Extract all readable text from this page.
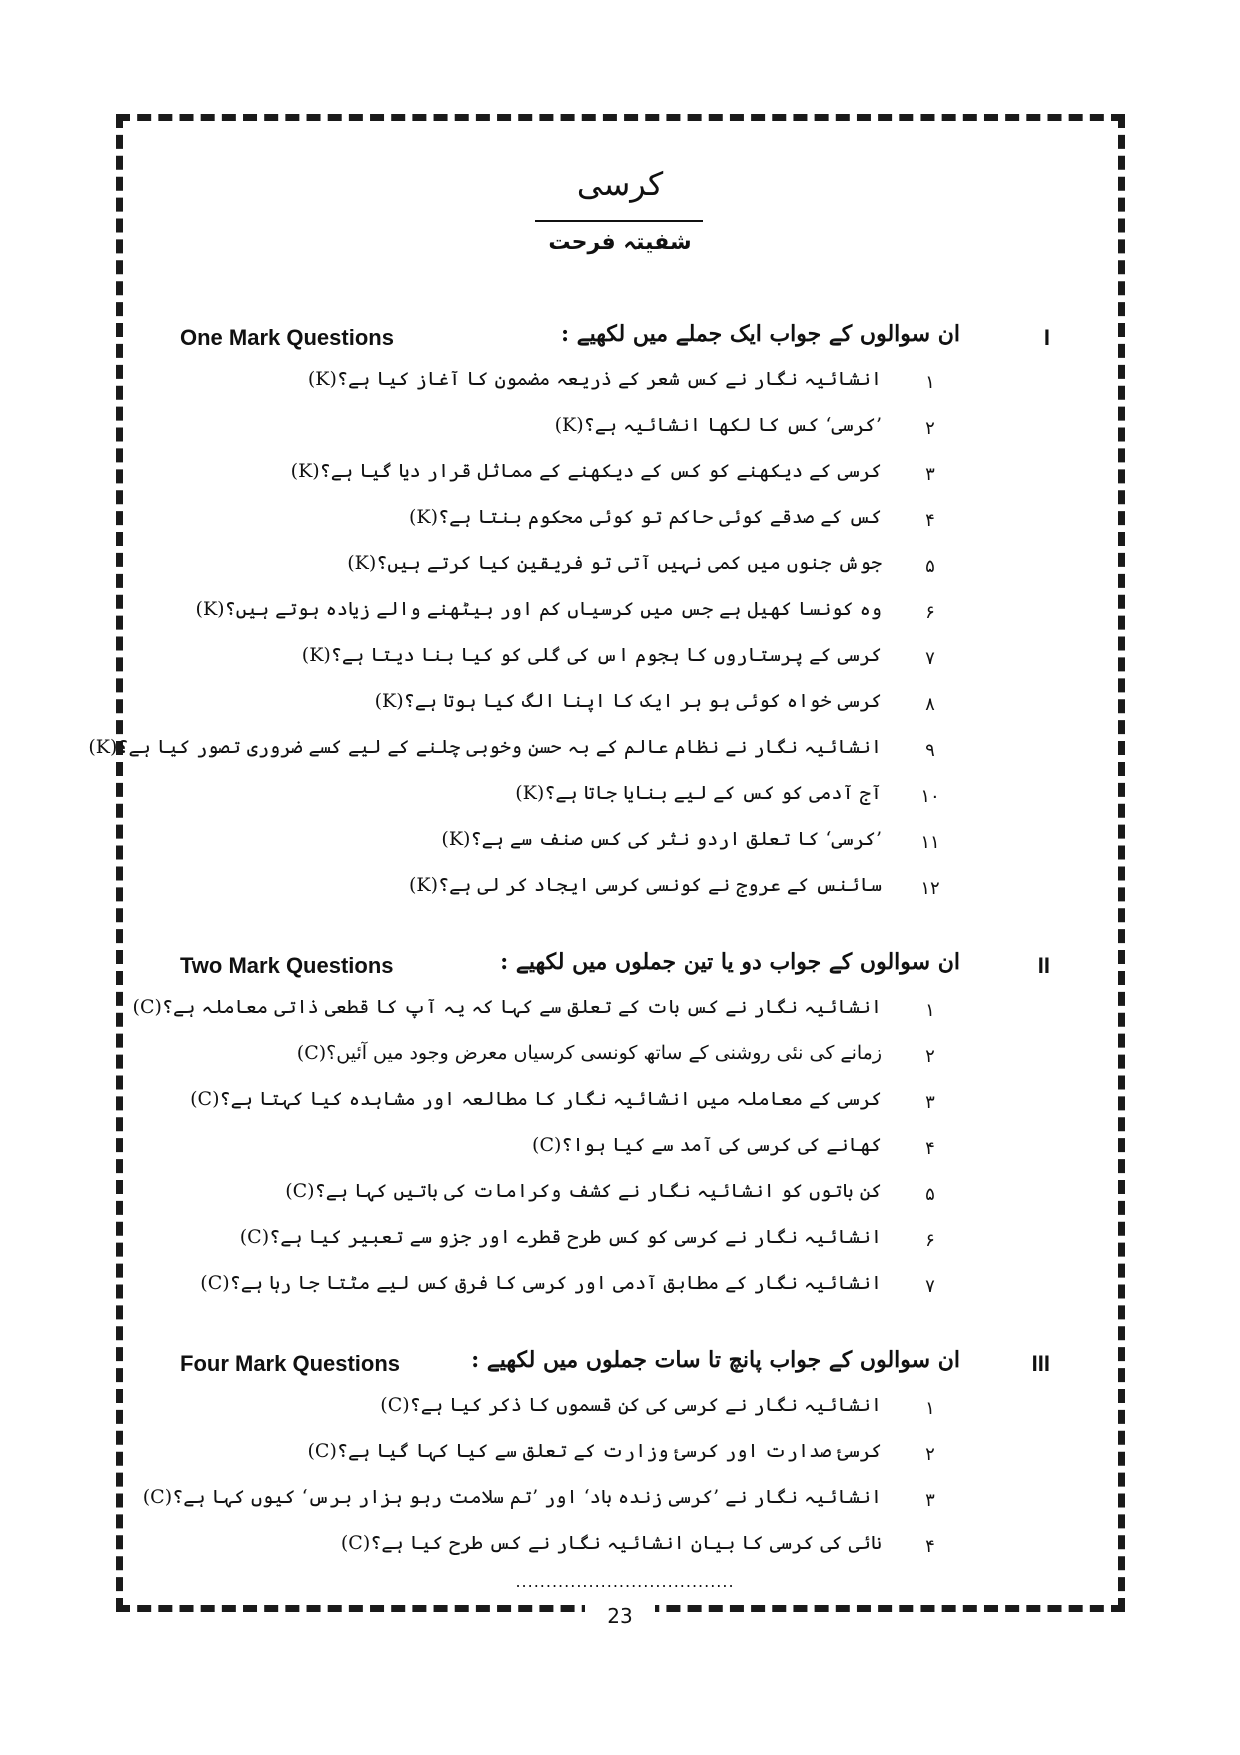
کرسی
شفیتہ فرحت
One Mark Questions	ان سوالوں کے جواب ایک جملے میں لکھیے :	I
۱
انشائیہ نگار نے کس شعر کے ذریعہ مضمون کا آغاز کیا ہے؟(K)
۲
’کرسی‘ کس کا لکھا انشائیہ ہے؟(K)
۳
کرسی کے دیکھنے کو کس کے دیکھنے کے مماثل قرار دیا گیا ہے؟(K)
۴
کس کے صدقے کوئی حاکم تو کوئی محکوم بنتا ہے؟(K)
۵
جوش جنوں میں کمی نہیں آتی تو فریقین کیا کرتے ہیں؟(K)
۶
وہ کونسا کھیل ہے جس میں کرسیاں کم اور بیٹھنے والے زیادہ ہوتے ہیں؟(K)
۷
کرسی کے پرستاروں کا ہجوم اس کی گلی کو کیا بنا دیتا ہے؟(K)
۸
کرسی خواہ کوئی ہو ہر ایک کا اپنا الگ کیا ہوتا ہے؟(K)
۹
انشائیہ نگار نے نظام عالم کے بہ حسن وخوبی چلنے کے لیے کسے ضروری تصور کیا ہے؟(K)
۱۰
آج آدمی کو کس کے لیے بنایا جاتا ہے؟(K)
۱۱
’کرسی‘ کا تعلق اردو نثر کی کس صنف سے ہے؟(K)
۱۲
سائنس کے عروج نے کونسی کرسی ایجاد کر لی ہے؟(K)
Two Mark Questions	ان سوالوں کے جواب دو یا تین جملوں میں لکھیے :	II
۱
انشائیہ نگار نے کس بات کے تعلق سے کہا کہ یہ آپ کا قطعی ذاتی معاملہ ہے؟(C)
۲
زمانے کی نئی روشنی کے ساتھ کونسی کرسیاں معرض وجود میں آئیں؟(C)
۳
کرسی کے معاملہ میں انشائیہ نگار کا مطالعہ اور مشاہدہ کیا کہتا ہے؟(C)
۴
کھانے کی کرسی کی آمد سے کیا ہوا؟(C)
۵
کن باتوں کو انشائیہ نگار نے کشف وکرامات کی باتیں کہا ہے؟(C)
۶
انشائیہ نگار نے کرسی کو کس طرح قطرے اور جزو سے تعبیر کیا ہے؟(C)
۷
انشائیہ نگار کے مطابق آدمی اور کرسی کا فرق کس لیے مٹتا جا رہا ہے؟(C)
Four Mark Questions	ان سوالوں کے جواب پانچ تا سات جملوں میں لکھیے :	III
۱
انشائیہ نگار نے کرسی کی کن قسموں کا ذکر کیا ہے؟(C)
۲
کرسئ صدارت اور کرسئ وزارت کے تعلق سے کیا کہا گیا ہے؟(C)
۳
انشائیہ نگار نے ’کرسی زندہ باد‘ اور ’تم سلامت رہو ہزار برس‘ کیوں کہا ہے؟(C)
۴
نائی کی کرسی کا بیان انشائیہ نگار نے کس طرح کیا ہے؟(C)
....................................
23
